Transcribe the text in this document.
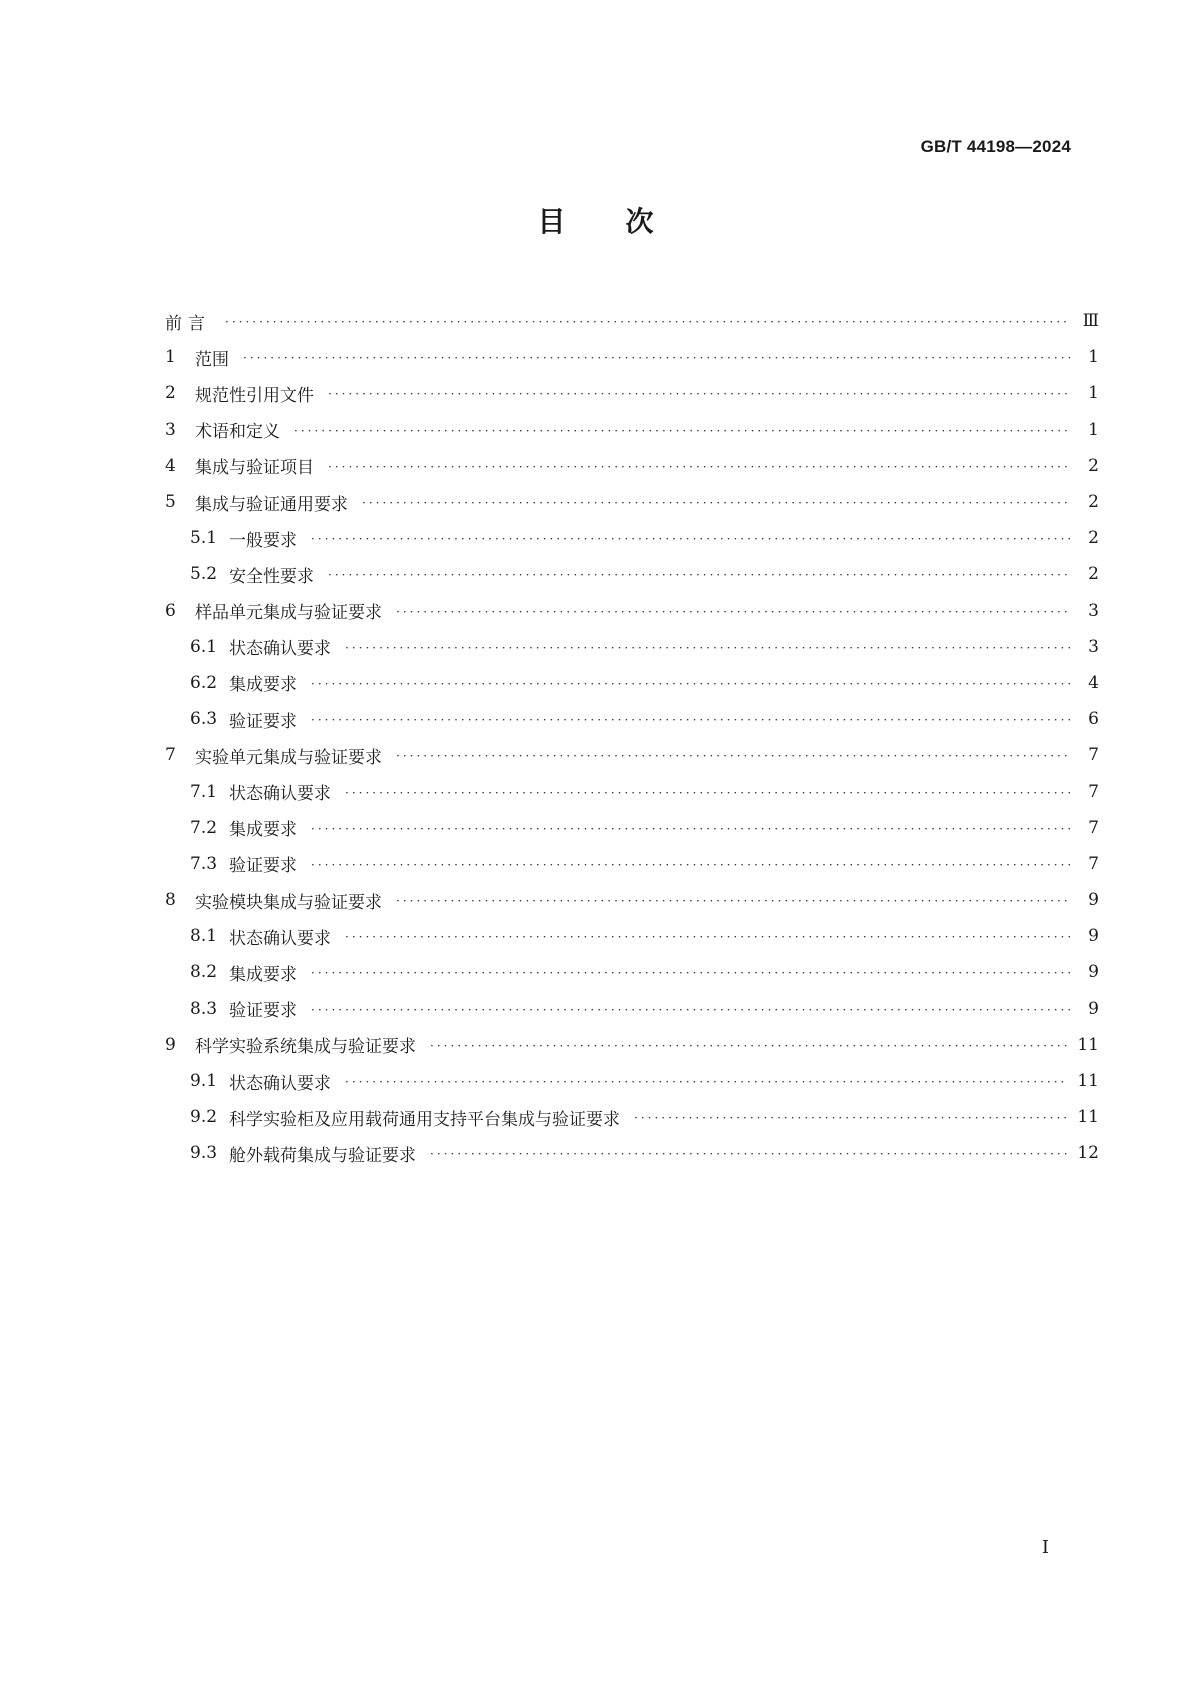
GB/T 44198—2024
目次
前言 ·····	Ⅲ
1	范围 ·····	1
2	规范性引用文件 ·····	1
3	术语和定义 ·····	1
4	集成与验证项目 ·····	2
5	集成与验证通用要求 ·····	2
5.1 一般要求 ·····	2
5.2 安全性要求 ·····	2
6	样品单元集成与验证要求 ·····	3
6.1 状态确认要求 ·····	3
6.2 集成要求 ·····	4
6.3 验证要求 ·····	6
7	实验单元集成与验证要求 ·····	7
7.1 状态确认要求 ·····	7
7.2 集成要求 ·····	7
7.3 验证要求 ·····	7
8	实验模块集成与验证要求 ·····	9
8.1 状态确认要求 ·····	9
8.2 集成要求 ·····	9
8.3 验证要求 ·····	9
9	科学实验系统集成与验证要求 ·····	11
9.1 状态确认要求 ·····	11
9.2 科学实验柜及应用载荷通用支持平台集成与验证要求 ·····	11
9.3 舱外载荷集成与验证要求 ·····	12
Ⅰ
